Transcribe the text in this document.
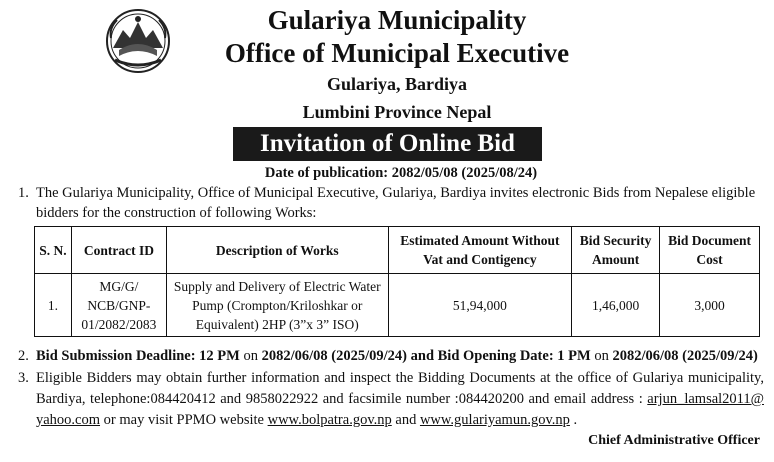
Gulariya Municipality
Office of Municipal Executive
Gulariya, Bardiya
Lumbini Province Nepal
Invitation of Online Bid
Date of publication: 2082/05/08 (2025/08/24)
1. The Gulariya Municipality, Office of Municipal Executive, Gulariya, Bardiya invites electronic Bids from Nepalese eligible bidders for the construction of following Works:
S. N.	Contract ID	Description of Works	Estimated Amount Without Vat and Contigency	Bid Security Amount	Bid Document Cost
1.	MG/G/ NCB/GNP-01/2082/2083	Supply and Delivery of Electric Water Pump (Crompton/Kriloshkar or Equivalent) 2HP (3”x 3” ISO)	51,94,000	1,46,000	3,000
2. Bid Submission Deadline: 12 PM on 2082/06/08 (2025/09/24) and Bid Opening Date: 1 PM on 2082/06/08 (2025/09/24)
3. Eligible Bidders may obtain further information and inspect the Bidding Documents at the office of Gulariya municipality, Bardiya, telephone:084420412 and 9858022922 and facsimile number :084420200 and email address : arjun_lamsal2011@ yahoo.com or may visit PPMO website www.bolpatra.gov.np and www.gulariyamun.gov.np .
Chief Administrative Officer
